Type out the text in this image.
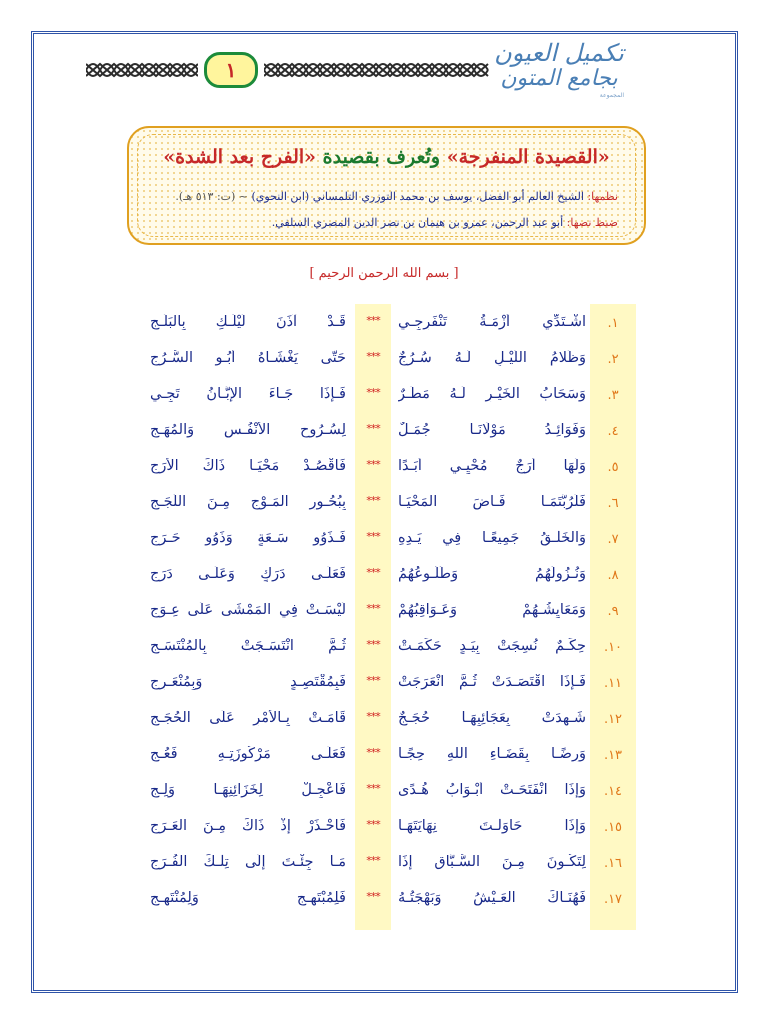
تكميل العيون
بجامع المتون
المجموعة
١
«القصيدة المنفرجة» وتُعرف بقصيدة «الفرج بعد الشدة»
نظمها: الشيخ العالم أبو الفضل، يوسف بن محمد التوزري التلمساني (ابن النحوي) ~ (ت: ٥١٣ هـ).
ضبط نصها: أبو عبد الرحمن، عمرو بن هيمان بن نصر الدين المصري السلفي.
[ بسم الله الرحمن الرحيم ]
١.
اشْـتَدِّي أزْمَـةُ تَنْفَرِجِـي
***
قَـدْ آذَنَ لَيْلُـكِ بِالبَلَـجِ
٢.
وَظَلامُ اللَّيْـلِ لَـهُ سُـرُجٌ
***
حَتَّى يَغْشَـاهُ أَبُـو السُّـرُجِ
٣.
وَسَحَابُ الخَيْـرِ لَـهُ مَطَـرٌ
***
فَـإِذَا جَـاءَ الإِبَّـانُ تَجِـي
٤.
وَفَوَائِـدُ مَوْلَانَـا جُمَـلٌ
***
لِسُـرُوحِ الأَنْفُـسِ وَالمُهَـجِ
٥.
وَلَهَا أَرَجٌ مُحْيِـي أَبَـدًا
***
فَاقْصُـدْ مَحْيَـا ذَاكَ الأَرَجِ
٦.
فَلَرُبَّتَمَـا فَـاضَ المَحْيَـا
***
بِبُحُـورِ المَـوْجِ مِـنَ اللُّجَـجِ
٧.
وَالخَلْـقُ جَمِيعًـا فِي يَـدِهِ
***
فَـذَوُو سَـعَةٍ وَذَوُو حَـرَجِ
٨.
وَنُـزُولُهُمُ وَطُلُـوعُهُمُ
***
فَعَلَـى دَرَكٍ وَعَلَـى دَرَجِ
٩.
وَمَعَايِشُـهُمْ وَعَـوَاقِبُهُمْ
***
لَيْسَـتْ فِي المَمْشَى عَلَى عِـوَجِ
١٠.
حِكَـمٌ نُسِجَتْ بِيَـدٍ حَكَمَـتْ
***
ثُـمَّ انْتَسَـجَتْ بِالمُنْتَسَـجِ
١١.
فَـإِذَا اقْتَصَـدَتْ ثُـمَّ انْعَرَجَتْ
***
فَبِمُقْتَصِـدٍ وَبِمُنْعَـرِجِ
١٢.
شَـهِدَتْ بِعَجَائِبِهَـا حُجَـجٌ
***
قَامَـتْ بِـالأَمْرِ عَلَى الحُجَـجِ
١٣.
وَرِضًـا بِقَضَـاءِ اللهِ حِجًـا
***
فَعَلَـى مَرْكُوزَتِـهِ فَعُـجِ
١٤.
وَإِذَا انْفَتَحَـتْ أَبْـوَابُ هُـدًى
***
فَاعْجِـلْ لِخَزَائِنِهَـا وَلِـجِ
١٥.
وَإِذَا حَاوَلْـتَ نِهَايَتَهَـا
***
فَاحْـذَرْ إِذْ ذَاكَ مِـنَ العَـرَجِ
١٦.
لِتَكُـونَ مِـنَ السُّـبَّاقِ إِذَا
***
مَـا جِئْـتَ إِلَى تِلْـكَ الفُـرَجِ
١٧.
فَهُنَـاكَ العَـيْشُ وَبَهْجَتُـهُ
***
فَلِمُبْتَهِـجٍ وَلِمُنْتَهِـجِ
